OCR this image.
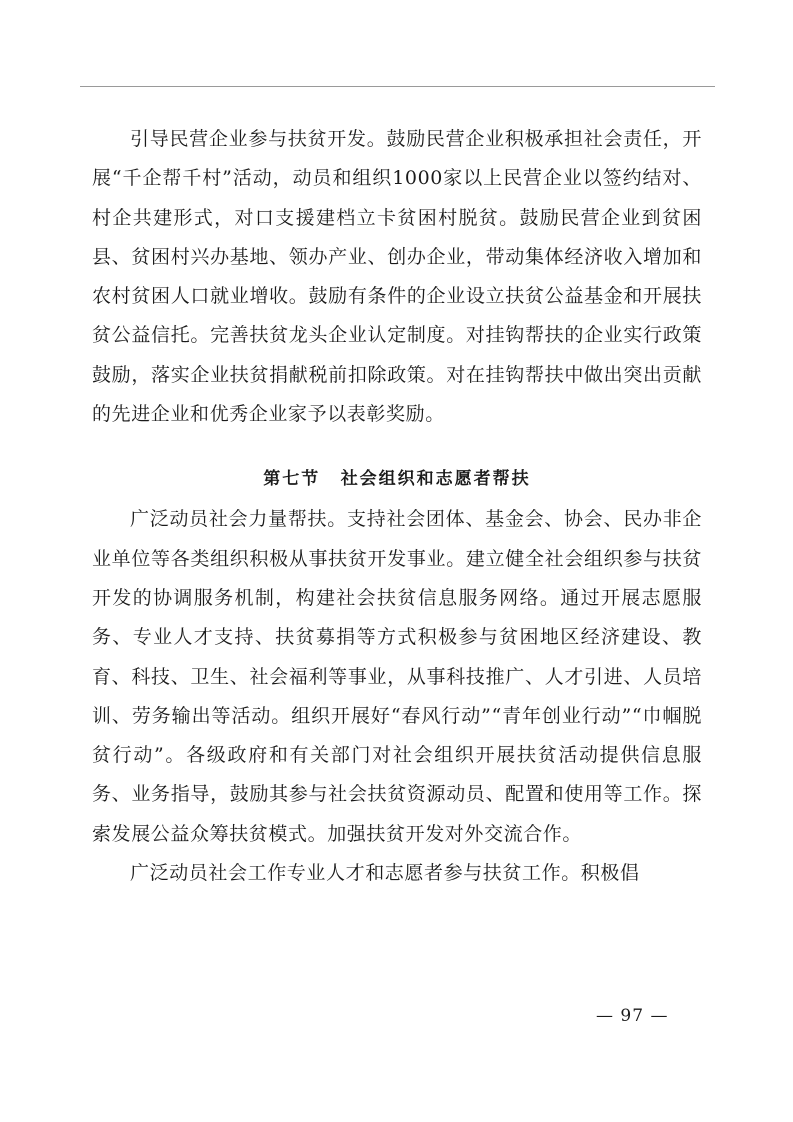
引导民营企业参与扶贫开发。鼓励民营企业积极承担社会责任，开展“千企帮千村”活动，动员和组织1000家以上民营企业以签约结对、村企共建形式，对口支援建档立卡贫困村脱贫。鼓励民营企业到贫困县、贫困村兴办基地、领办产业、创办企业，带动集体经济收入增加和农村贫困人口就业增收。鼓励有条件的企业设立扶贫公益基金和开展扶贫公益信托。完善扶贫龙头企业认定制度。对挂钩帮扶的企业实行政策鼓励，落实企业扶贫捐献税前扣除政策。对在挂钩帮扶中做出突出贡献的先进企业和优秀企业家予以表彰奖励。

第七节 社会组织和志愿者帮扶

广泛动员社会力量帮扶。支持社会团体、基金会、协会、民办非企业单位等各类组织积极从事扶贫开发事业。建立健全社会组织参与扶贫开发的协调服务机制，构建社会扶贫信息服务网络。通过开展志愿服务、专业人才支持、扶贫募捐等方式积极参与贫困地区经济建设、教育、科技、卫生、社会福利等事业，从事科技推广、人才引进、人员培训、劳务输出等活动。组织开展好“春风行动”“青年创业行动”“巾帼脱贫行动”。各级政府和有关部门对社会组织开展扶贫活动提供信息服务、业务指导，鼓励其参与社会扶贫资源动员、配置和使用等工作。探索发展公益众筹扶贫模式。加强扶贫开发对外交流合作。

广泛动员社会工作专业人才和志愿者参与扶贫工作。积极倡

— 97 —
